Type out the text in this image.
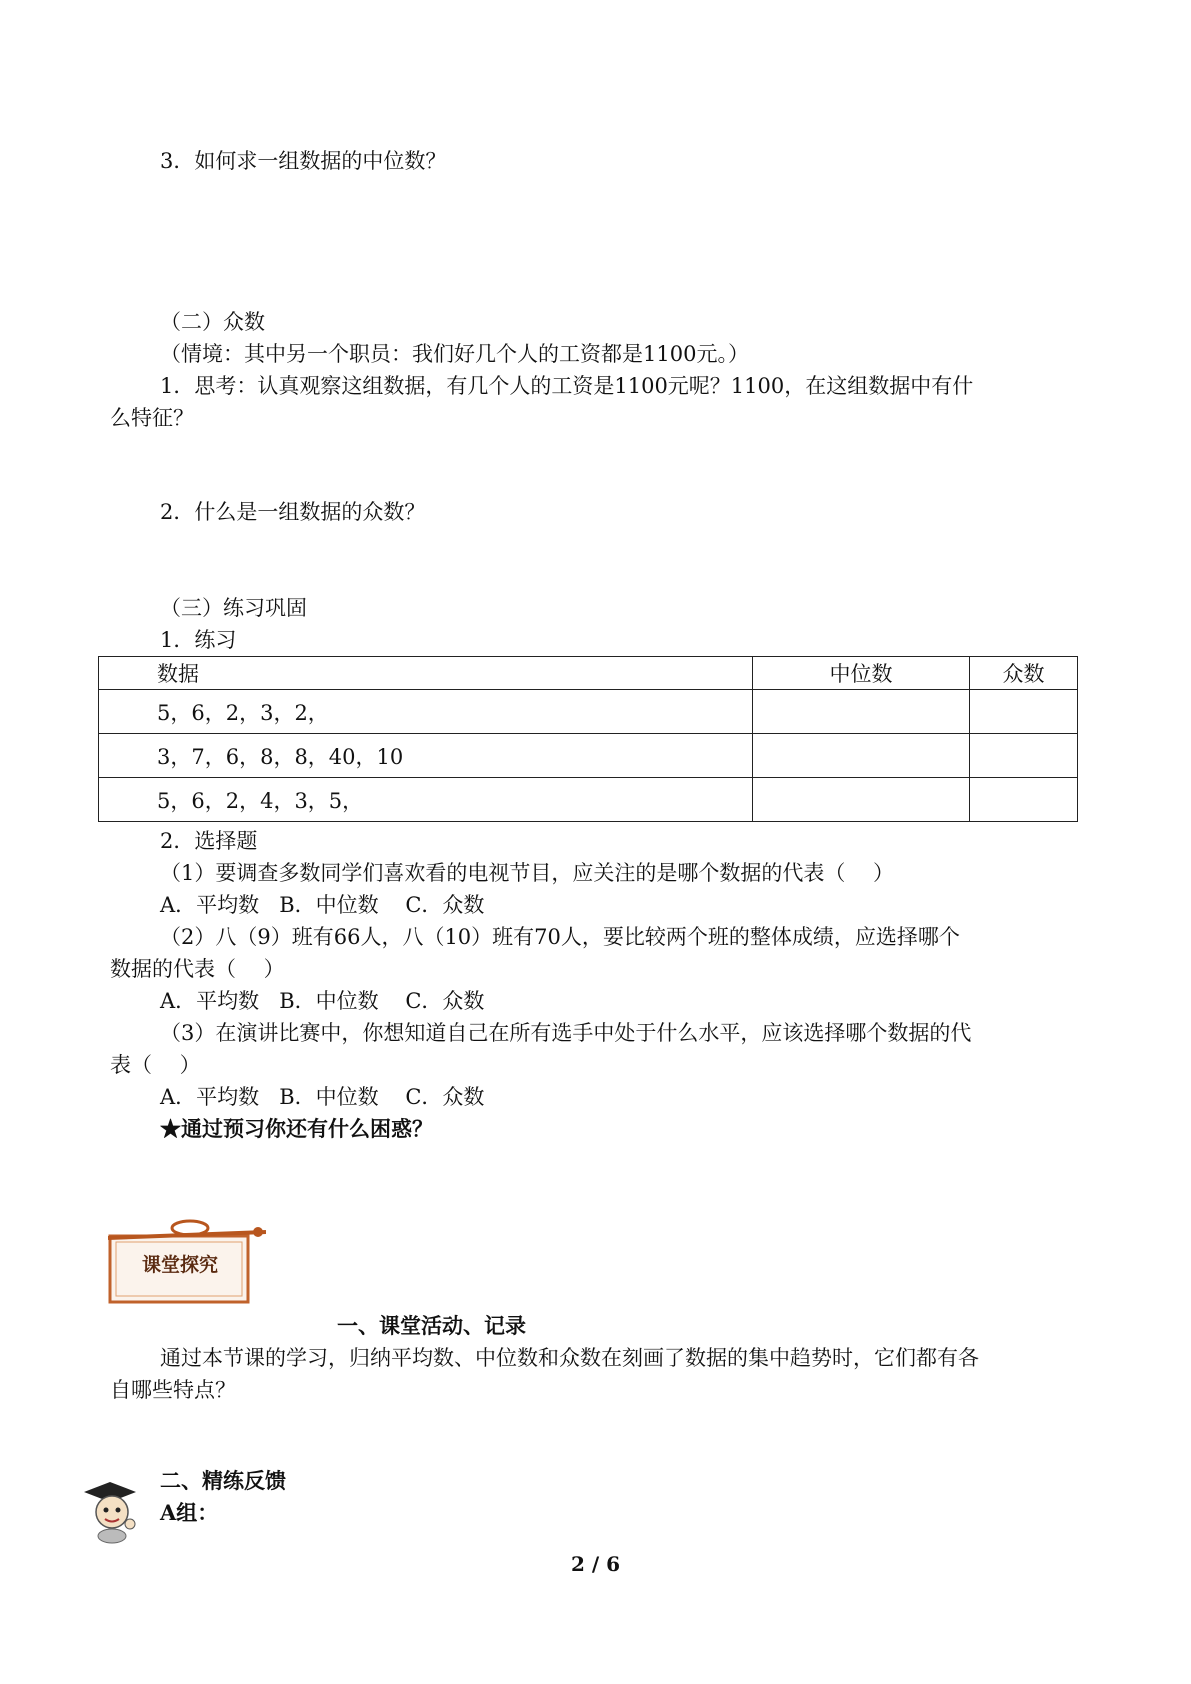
3．如何求一组数据的中位数？
（二）众数
（情境：其中另一个职员：我们好几个人的工资都是1100元。）
1．思考：认真观察这组数据，有几个人的工资是1100元呢？1100，在这组数据中有什
么特征？
2．什么是一组数据的众数？
（三）练习巩固
1．练习
数据	中位数	众数
5，6，2，3，2，		
3，7，6，8，8，40，10		
5，6，2，4，3，5，		
2．选择题
（1）要调查多数同学们喜欢看的电视节目，应关注的是哪个数据的代表（　 ）
A．平均数   B．中位数    C．众数
（2）八（9）班有66人，八（10）班有70人，要比较两个班的整体成绩，应选择哪个
数据的代表（　 ）
A．平均数   B．中位数    C．众数
（3）在演讲比赛中，你想知道自己在所有选手中处于什么水平，应该选择哪个数据的代
表（　 ）
A．平均数   B．中位数    C．众数
★通过预习你还有什么困惑？
课堂探究
一、课堂活动、记录
通过本节课的学习，归纳平均数、中位数和众数在刻画了数据的集中趋势时，它们都有各
自哪些特点？
二、精练反馈
A组：
2 / 6
